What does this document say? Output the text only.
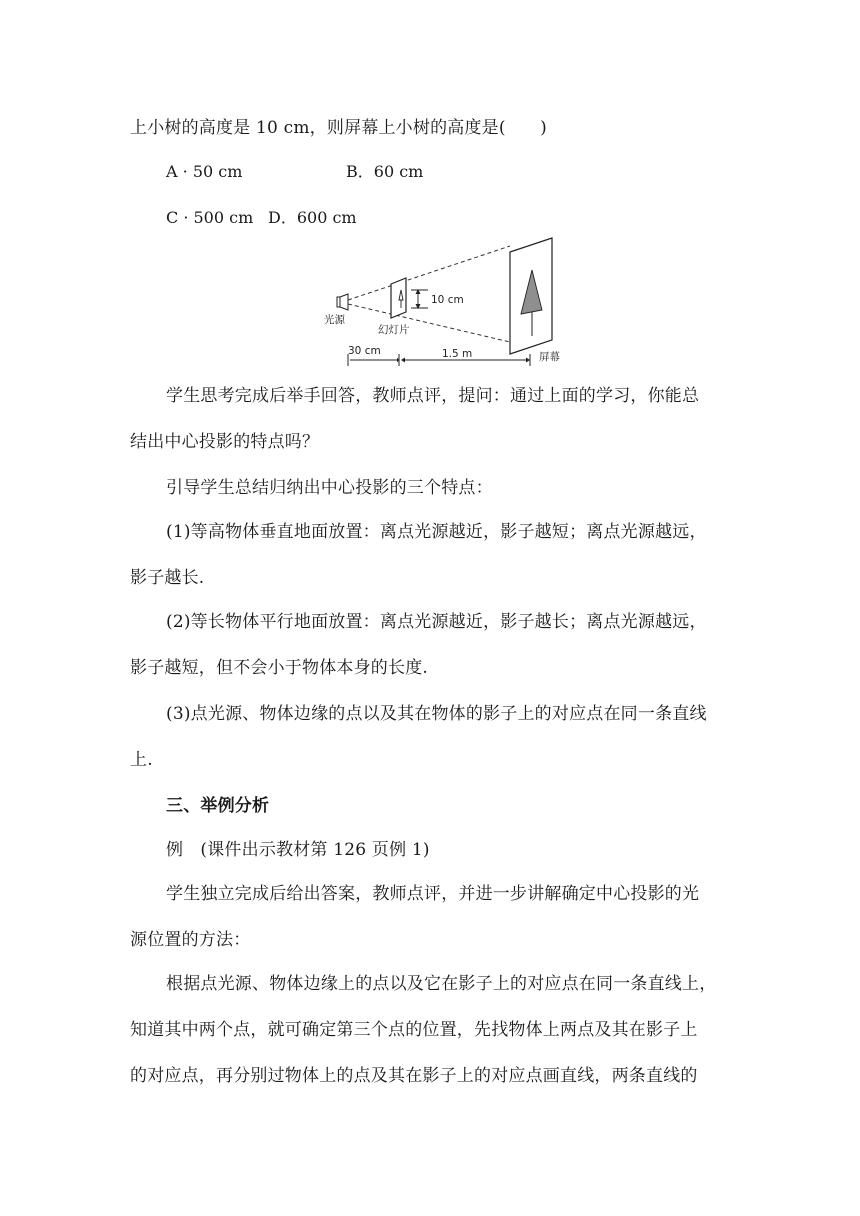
上小树的高度是 10 cm，则屏幕上小树的高度是(　　)
A · 50 cm	B．60 cm
C · 500 cm D．600 cm
10 cm
光源
幻灯片
屏幕
30 cm	1.5 m
学生思考完成后举手回答，教师点评，提问：通过上面的学习，你能总
结出中心投影的特点吗？
引导学生总结归纳出中心投影的三个特点：
(1)等高物体垂直地面放置：离点光源越近，影子越短；离点光源越远，
影子越长.
(2)等长物体平行地面放置：离点光源越近，影子越长；离点光源越远，
影子越短，但不会小于物体本身的长度.
(3)点光源、物体边缘的点以及其在物体的影子上的对应点在同一条直线
上.
三、举例分析
例　(课件出示教材第 126 页例 1)
学生独立完成后给出答案，教师点评，并进一步讲解确定中心投影的光
源位置的方法：
根据点光源、物体边缘上的点以及它在影子上的对应点在同一条直线上，
知道其中两个点，就可确定第三个点的位置，先找物体上两点及其在影子上
的对应点，再分别过物体上的点及其在影子上的对应点画直线，两条直线的
